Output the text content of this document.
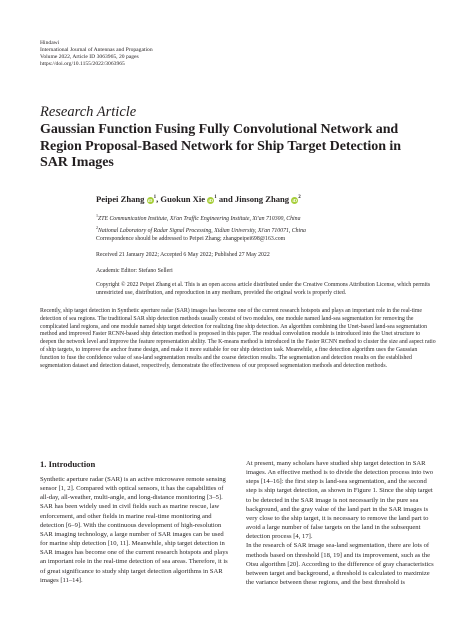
Hindawi
International Journal of Antennas and Propagation
Volume 2022, Article ID 3063965, 20 pages
https://doi.org/10.1155/2022/3063965
Research Article
Gaussian Function Fusing Fully Convolutional Network and
Region Proposal-Based Network for Ship Target Detection in
SAR Images
Peipei Zhang $iD^1$, Guokun Xie $iD^1$ and Jinsong Zhang $iD^2$
$^1$ZTE Communication Institute, Xi'an Traffic Engineering Institute, Xi'an 710300, China
$^2$National Laboratory of Radar Signal Processing, Xidian University, Xi'an 710071, China
Correspondence should be addressed to Peipei Zhang; zhangpeipei698@163.com
Received 21 January 2022; Accepted 6 May 2022; Published 27 May 2022
Academic Editor: Stefano Selleri
Copyright © 2022 Peipei Zhang et al. This is an open access article distributed under the Creative Commons Attribution License, which permits unrestricted use, distribution, and reproduction in any medium, provided the original work is properly cited.
Recently, ship target detection in Synthetic aperture radar (SAR) images has become one of the current research hotspots and plays an important role in the real-time detection of sea regions. The traditional SAR ship detection methods usually consist of two modules, one module named land-sea segmentation for removing the complicated land regions, and one module named ship target detection for realizing fine ship detection. An algorithm combining the Unet-based land-sea segmentation method and improved Faster RCNN-based ship detection method is proposed in this paper. The residual convolution module is introduced into the Unet structure to deepen the network level and improve the feature representation ability. The K-means method is introduced in the Faster RCNN method to cluster the size and aspect ratio of ship targets, to improve the anchor frame design, and make it more suitable for our ship detection task. Meanwhile, a fine detection algorithm uses the Gaussian function to fuse the confidence value of sea-land segmentation results and the coarse detection results. The segmentation and detection results on the established segmentation dataset and detection dataset, respectively, demonstrate the effectiveness of our proposed segmentation methods and detection methods.
1. Introduction

Synthetic aperture radar (SAR) is an active microwave remote sensing sensor [1, 2]. Compared with optical sensors, it has the capabilities of all-day, all-weather, multi-angle, and long-distance monitoring [3–5]. SAR has been widely used in civil fields such as marine rescue, law enforcement, and other fields in marine real-time monitoring and detection [6–9]. With the continuous development of high-resolution SAR imaging technology, a large number of SAR images can be used for marine ship detection [10, 11]. Meanwhile, ship target detection in SAR images has become one of the current research hotspots and plays an important role in the real-time detection of sea areas. Therefore, it is of great significance to study ship target detection algorithms in SAR images [11–14].

At present, many scholars have studied ship target detection in SAR images. An effective method is to divide the detection process into two steps [14–16]: the first step is land-sea segmentation, and the second step is ship target detection, as shown in Figure 1. Since the ship target to be detected in the SAR image is not necessarily in the pure sea background, and the gray value of the land part in the SAR images is very close to the ship target, it is necessary to remove the land part to avoid a large number of false targets on the land in the subsequent detection process [4, 17].

In the research of SAR image sea-land segmentation, there are lots of methods based on threshold [18, 19] and its improvement, such as the Otsu algorithm [20]. According to the difference of gray characteristics between target and background, a threshold is calculated to maximize the variance between these regions, and the best threshold is
